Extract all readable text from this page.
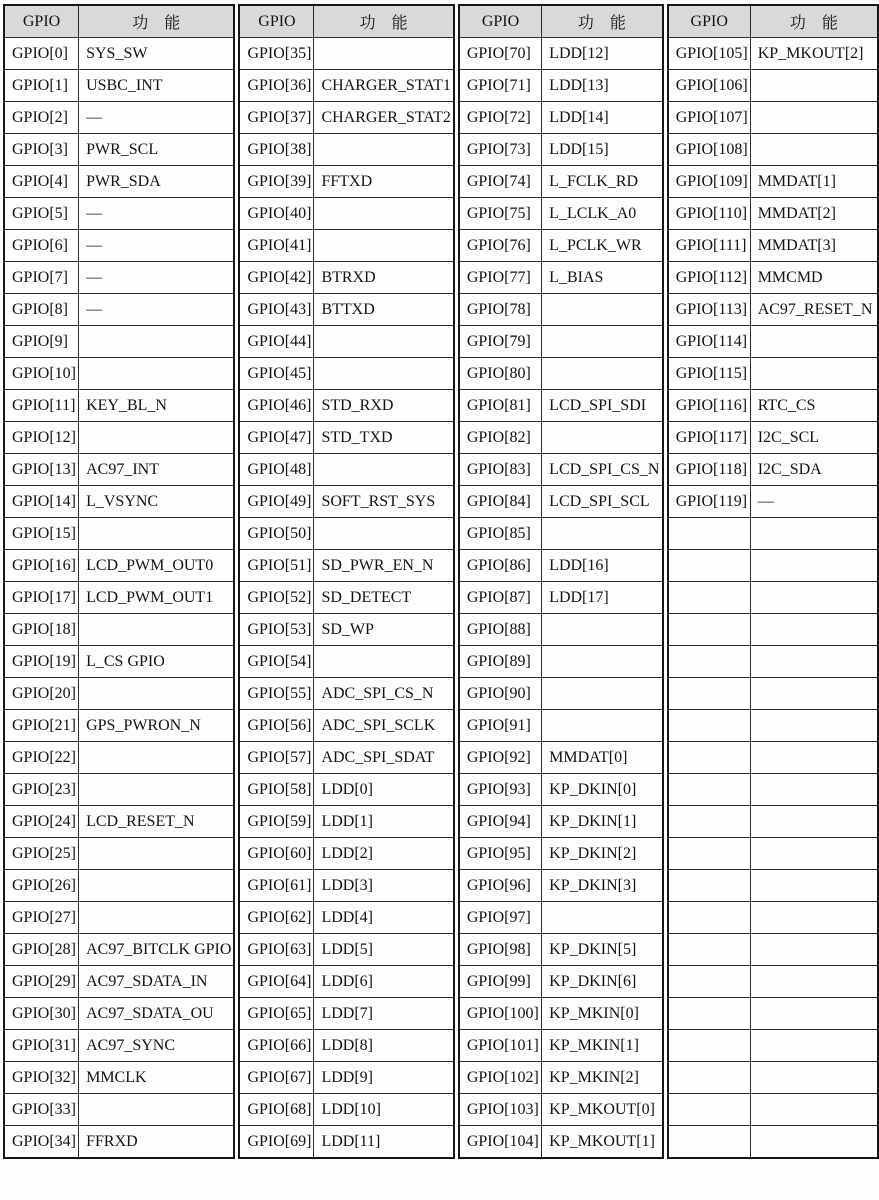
GPIO	功　能
GPIO[0]	SYS_SW
GPIO[1]	USBC_INT
GPIO[2]	—
GPIO[3]	PWR_SCL
GPIO[4]	PWR_SDA
GPIO[5]	—
GPIO[6]	—
GPIO[7]	—
GPIO[8]	—
GPIO[9]	
GPIO[10]	
GPIO[11]	KEY_BL_N
GPIO[12]	
GPIO[13]	AC97_INT
GPIO[14]	L_VSYNC
GPIO[15]	
GPIO[16]	LCD_PWM_OUT0
GPIO[17]	LCD_PWM_OUT1
GPIO[18]	
GPIO[19]	L_CS GPIO
GPIO[20]	
GPIO[21]	GPS_PWRON_N
GPIO[22]	
GPIO[23]	
GPIO[24]	LCD_RESET_N
GPIO[25]	
GPIO[26]	
GPIO[27]	
GPIO[28]	AC97_BITCLK GPIO
GPIO[29]	AC97_SDATA_IN
GPIO[30]	AC97_SDATA_OU
GPIO[31]	AC97_SYNC
GPIO[32]	MMCLK
GPIO[33]	
GPIO[34]	FFRXD
GPIO	功　能
GPIO[35]	
GPIO[36]	CHARGER_STAT1
GPIO[37]	CHARGER_STAT2
GPIO[38]	
GPIO[39]	FFTXD
GPIO[40]	
GPIO[41]	
GPIO[42]	BTRXD
GPIO[43]	BTTXD
GPIO[44]	
GPIO[45]	
GPIO[46]	STD_RXD
GPIO[47]	STD_TXD
GPIO[48]	
GPIO[49]	SOFT_RST_SYS
GPIO[50]	
GPIO[51]	SD_PWR_EN_N
GPIO[52]	SD_DETECT
GPIO[53]	SD_WP
GPIO[54]	
GPIO[55]	ADC_SPI_CS_N
GPIO[56]	ADC_SPI_SCLK
GPIO[57]	ADC_SPI_SDAT
GPIO[58]	LDD[0]
GPIO[59]	LDD[1]
GPIO[60]	LDD[2]
GPIO[61]	LDD[3]
GPIO[62]	LDD[4]
GPIO[63]	LDD[5]
GPIO[64]	LDD[6]
GPIO[65]	LDD[7]
GPIO[66]	LDD[8]
GPIO[67]	LDD[9]
GPIO[68]	LDD[10]
GPIO[69]	LDD[11]
GPIO	功　能
GPIO[70]	LDD[12]
GPIO[71]	LDD[13]
GPIO[72]	LDD[14]
GPIO[73]	LDD[15]
GPIO[74]	L_FCLK_RD
GPIO[75]	L_LCLK_A0
GPIO[76]	L_PCLK_WR
GPIO[77]	L_BIAS
GPIO[78]	
GPIO[79]	
GPIO[80]	
GPIO[81]	LCD_SPI_SDI
GPIO[82]	
GPIO[83]	LCD_SPI_CS_N
GPIO[84]	LCD_SPI_SCL
GPIO[85]	
GPIO[86]	LDD[16]
GPIO[87]	LDD[17]
GPIO[88]	
GPIO[89]	
GPIO[90]	
GPIO[91]	
GPIO[92]	MMDAT[0]
GPIO[93]	KP_DKIN[0]
GPIO[94]	KP_DKIN[1]
GPIO[95]	KP_DKIN[2]
GPIO[96]	KP_DKIN[3]
GPIO[97]	
GPIO[98]	KP_DKIN[5]
GPIO[99]	KP_DKIN[6]
GPIO[100]	KP_MKIN[0]
GPIO[101]	KP_MKIN[1]
GPIO[102]	KP_MKIN[2]
GPIO[103]	KP_MKOUT[0]
GPIO[104]	KP_MKOUT[1]
GPIO	功　能
GPIO[105]	KP_MKOUT[2]
GPIO[106]	
GPIO[107]	
GPIO[108]	
GPIO[109]	MMDAT[1]
GPIO[110]	MMDAT[2]
GPIO[111]	MMDAT[3]
GPIO[112]	MMCMD
GPIO[113]	AC97_RESET_N
GPIO[114]	
GPIO[115]	
GPIO[116]	RTC_CS
GPIO[117]	I2C_SCL
GPIO[118]	I2C_SDA
GPIO[119]	—
